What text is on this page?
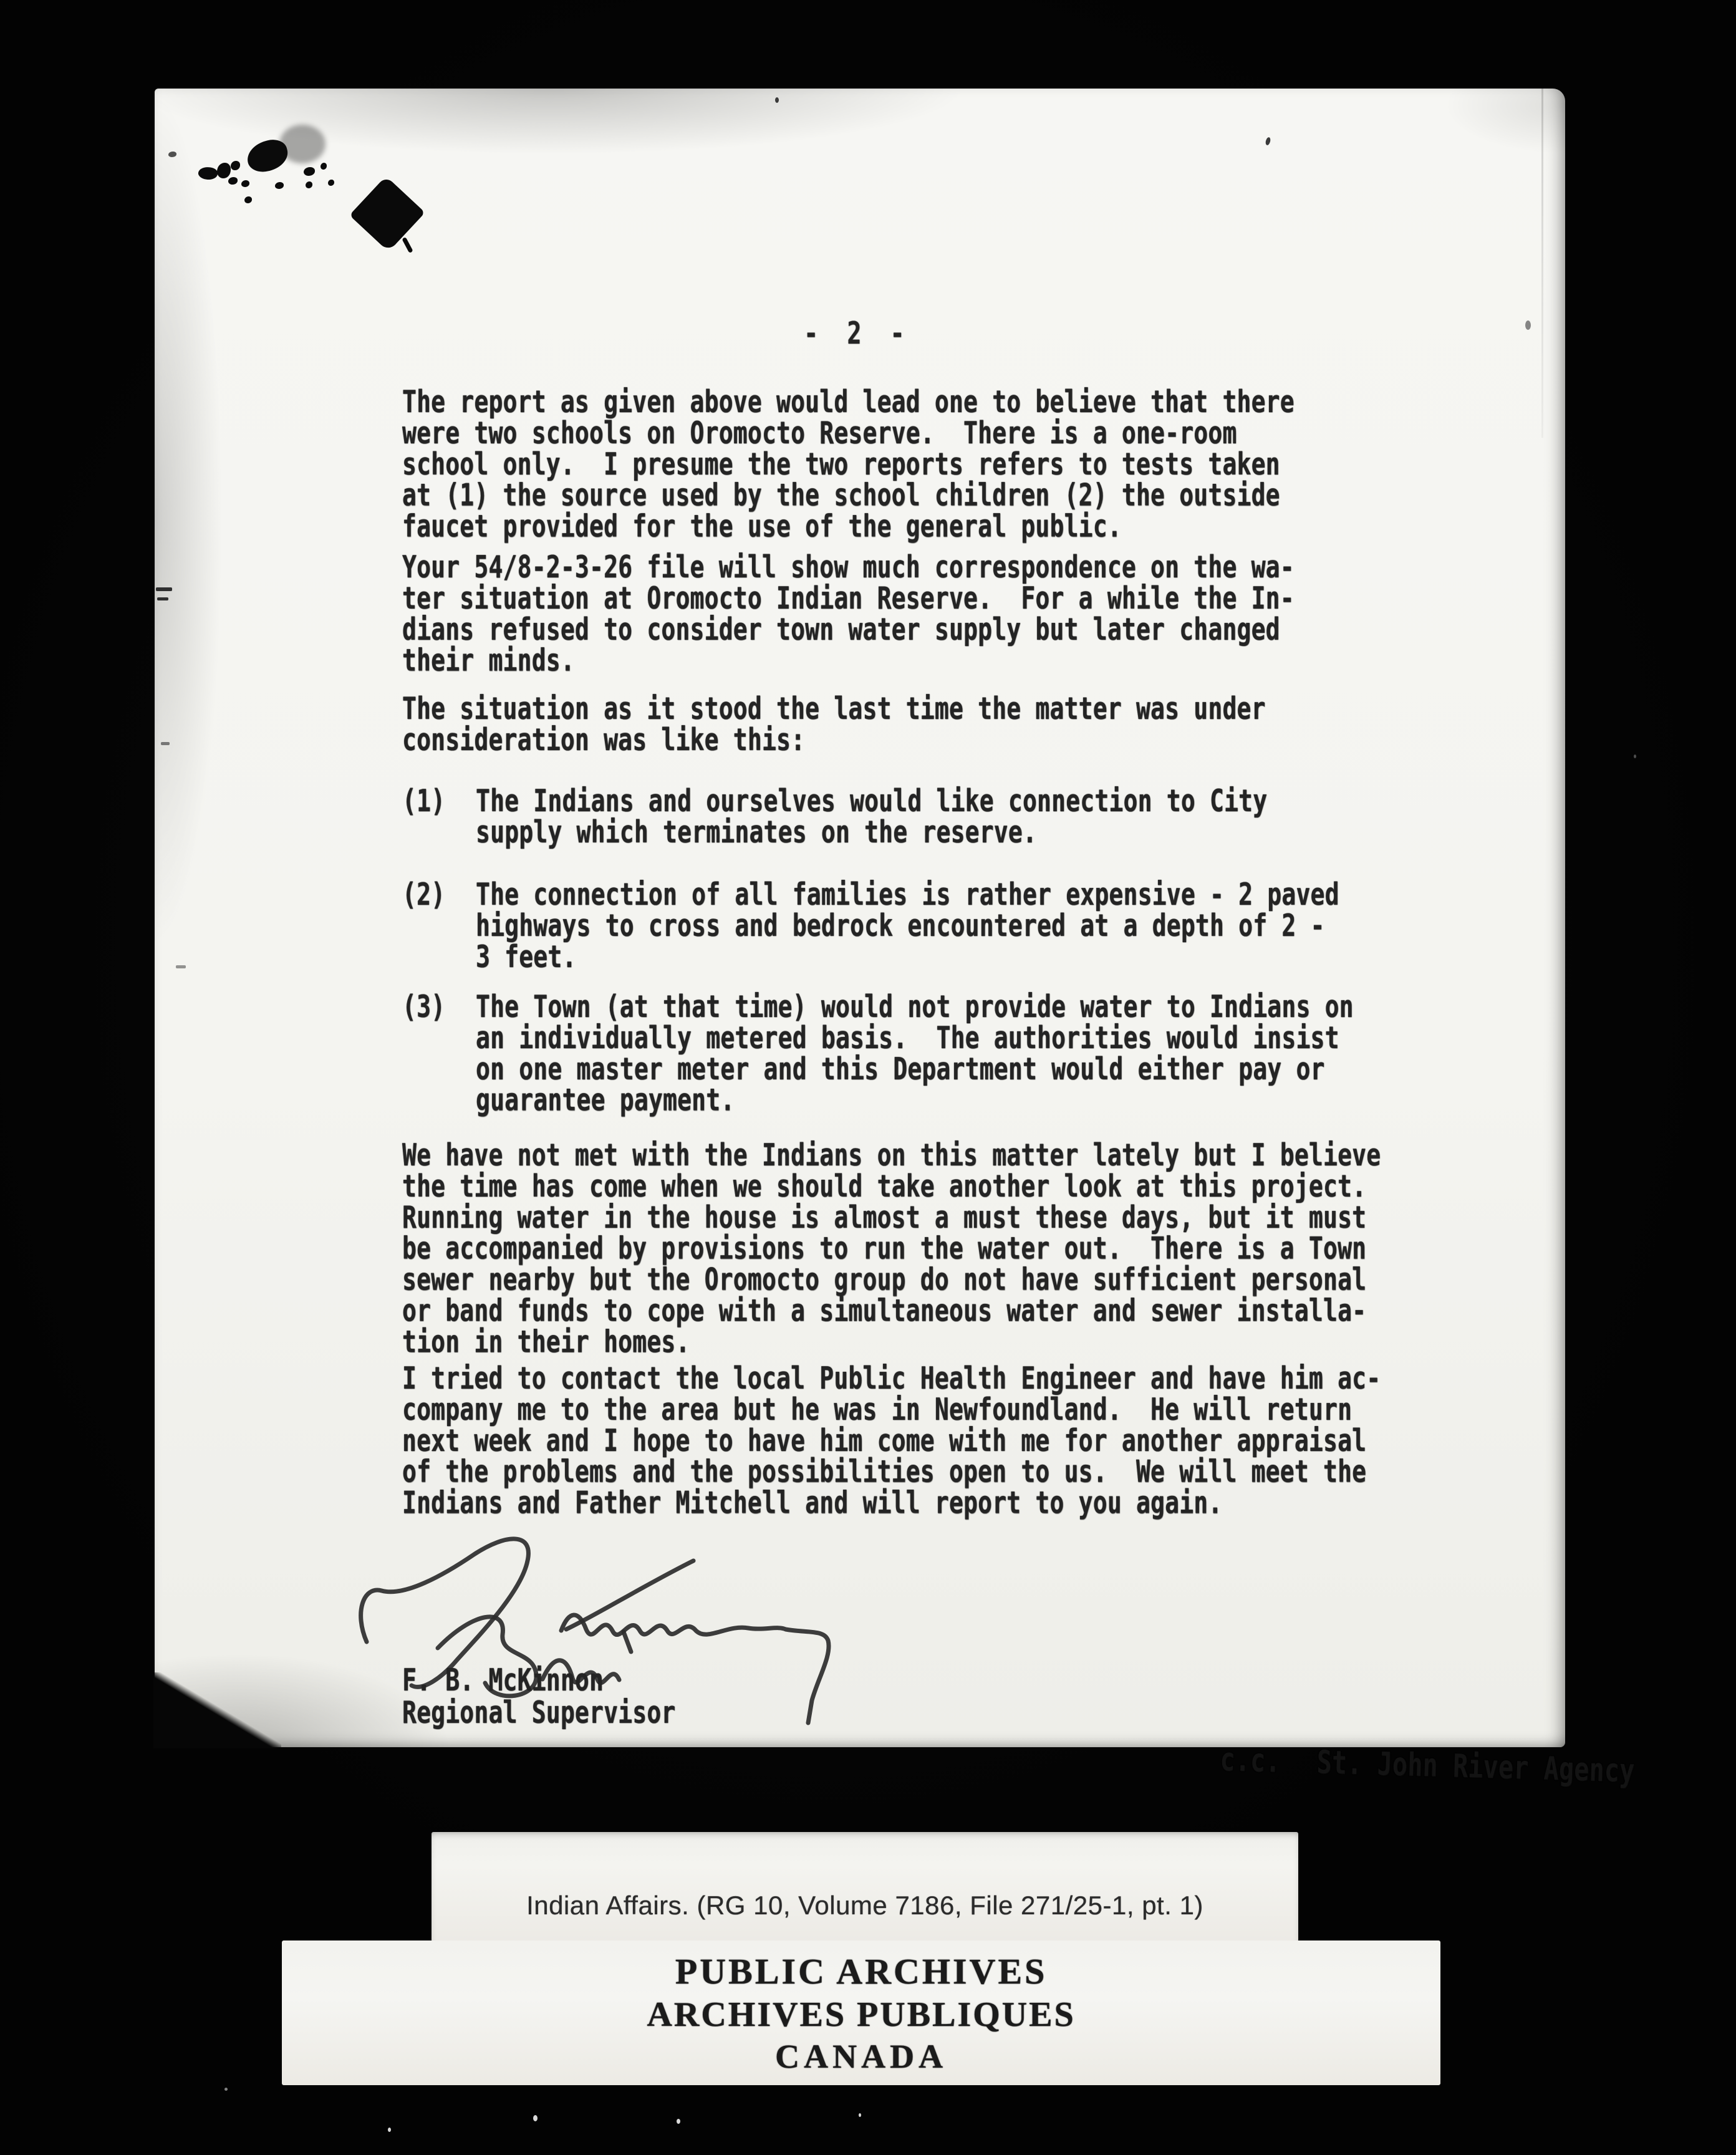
-  2  -
The report as given above would lead one to believe that there
were two schools on Oromocto Reserve.  There is a one-room
school only.  I presume the two reports refers to tests taken
at (1) the source used by the school children (2) the outside
faucet provided for the use of the general public.
Your 54/8-2-3-26 file will show much correspondence on the wa-
ter situation at Oromocto Indian Reserve.  For a while the In-
dians refused to consider town water supply but later changed
their minds.
The situation as it stood the last time the matter was under
consideration was like this:
(1)	The Indians and ourselves would like connection to City
supply which terminates on the reserve.
(2)	The connection of all families is rather expensive - 2 paved
highways to cross and bedrock encountered at a depth of 2 -
3 feet.
(3)	The Town (at that time) would not provide water to Indians on
an individually metered basis.  The authorities would insist
on one master meter and this Department would either pay or
guarantee payment.
We have not met with the Indians on this matter lately but I believe
the time has come when we should take another look at this project.
Running water in the house is almost a must these days, but it must
be accompanied by provisions to run the water out.  There is a Town
sewer nearby but the Oromocto group do not have sufficient personal
or band funds to cope with a simultaneous water and sewer installa-
tion in their homes.
I tried to contact the local Public Health Engineer and have him ac-
company me to the area but he was in Newfoundland.  He will return
next week and I hope to have him come with me for another appraisal
of the problems and the possibilities open to us.  We will meet the
Indians and Father Mitchell and will report to you again.
F. B. McKinnon
Regional Supervisor

c.c. St. John River Agency

Indian Affairs. (RG 10, Volume 7186, File 271/25-1, pt. 1)
PUBLIC ARCHIVES
ARCHIVES PUBLIQUES
CANADA
